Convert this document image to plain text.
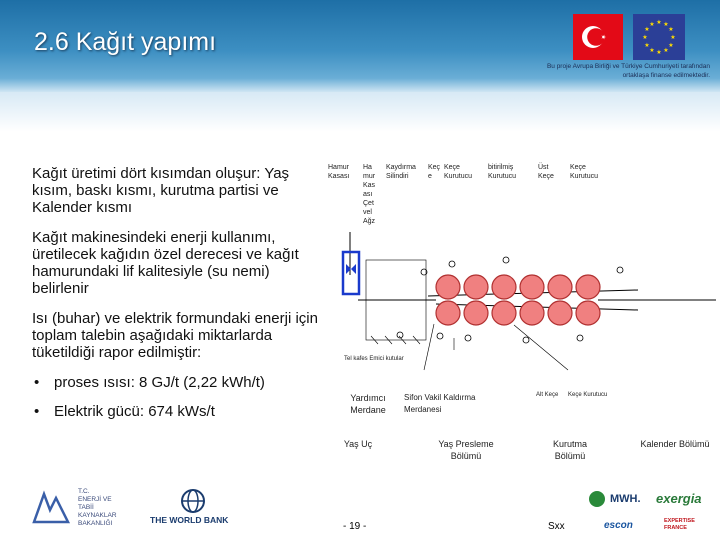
2.6 Kağıt yapımı
★ ★
★
★
★
★
★
★
★
★
★
★
Bu proje Avrupa Birliği ve Türkiye Cumhuriyeti tarafından ortaklaşa finanse edilmektedir.

Kağıt üretimi dört kısımdan oluşur: Yaş kısım, baskı kısmı, kurutma partisi ve Kalender kısmı

Kağıt makinesindeki enerji kullanımı, üretilecek kağıdın özel derecesi ve kağıt hamurundaki lif kalitesiyle (su nemi) belirlenir

Isı (buhar) ve elektrik formundaki enerji için toplam talebin aşağıdaki miktarlarda tüketildiği rapor edilmiştir:

• proses ısısı: 8 GJ/t (2,22 kWh/t)
• Elektrik gücü: 674 kWs/t
Hamur Kasası
Ha mur Kas ası Çet vel Ağz
Kaydırma Silindiri
Keç e
Keçe Kurutucu
bitirilmiş Kurutucu
Üst Keçe
Keçe Kurutucu
Tel kafes Emici kutular
Alt Keçe	Keçe Kurutucu
Yardımcı Merdane
Sifon Vakil Kaldırma Merdanesi
Yaş Uç	Yaş Presleme Bölümü
Kurutma Bölümü
Kalender Bölümü
T.C.
ENERJİ VE
TABİİ KAYNAKLAR
BAKANLIĞI	THE WORLD BANK
MWH. exergia
escon	EXPERTISE FRANCE
- 19 -	Sxx
